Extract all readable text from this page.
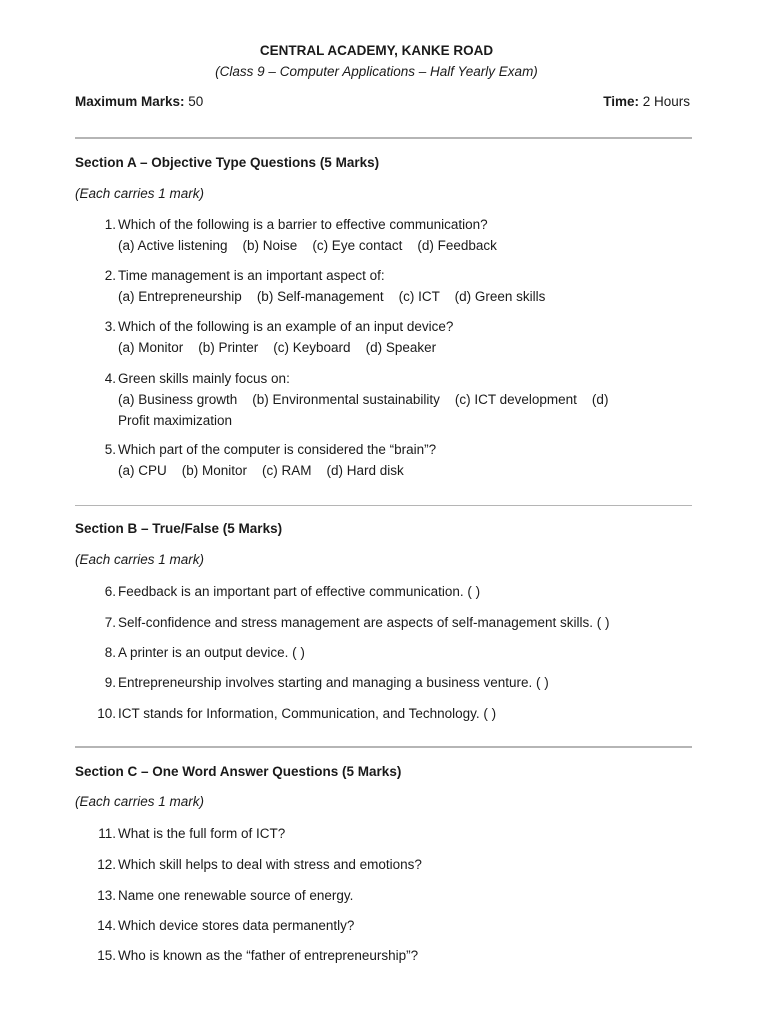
CENTRAL ACADEMY, KANKE ROAD
(Class 9 – Computer Applications – Half Yearly Exam)
Maximum Marks: 50	Time: 2 Hours
Section A – Objective Type Questions (5 Marks)
(Each carries 1 mark)
1. Which of the following is a barrier to effective communication?
(a) Active listening    (b) Noise    (c) Eye contact    (d) Feedback
2. Time management is an important aspect of:
(a) Entrepreneurship    (b) Self-management    (c) ICT    (d) Green skills
3. Which of the following is an example of an input device?
(a) Monitor    (b) Printer    (c) Keyboard    (d) Speaker
4. Green skills mainly focus on:
(a) Business growth    (b) Environmental sustainability    (c) ICT development    (d) Profit maximization
5. Which part of the computer is considered the “brain”?
(a) CPU    (b) Monitor    (c) RAM    (d) Hard disk
Section B – True/False (5 Marks)
(Each carries 1 mark)
6. Feedback is an important part of effective communication. ( )
7. Self-confidence and stress management are aspects of self-management skills. ( )
8. A printer is an output device. ( )
9. Entrepreneurship involves starting and managing a business venture. ( )
10. ICT stands for Information, Communication, and Technology. ( )
Section C – One Word Answer Questions (5 Marks)
(Each carries 1 mark)
11. What is the full form of ICT?
12. Which skill helps to deal with stress and emotions?
13. Name one renewable source of energy.
14. Which device stores data permanently?
15. Who is known as the “father of entrepreneurship”?
